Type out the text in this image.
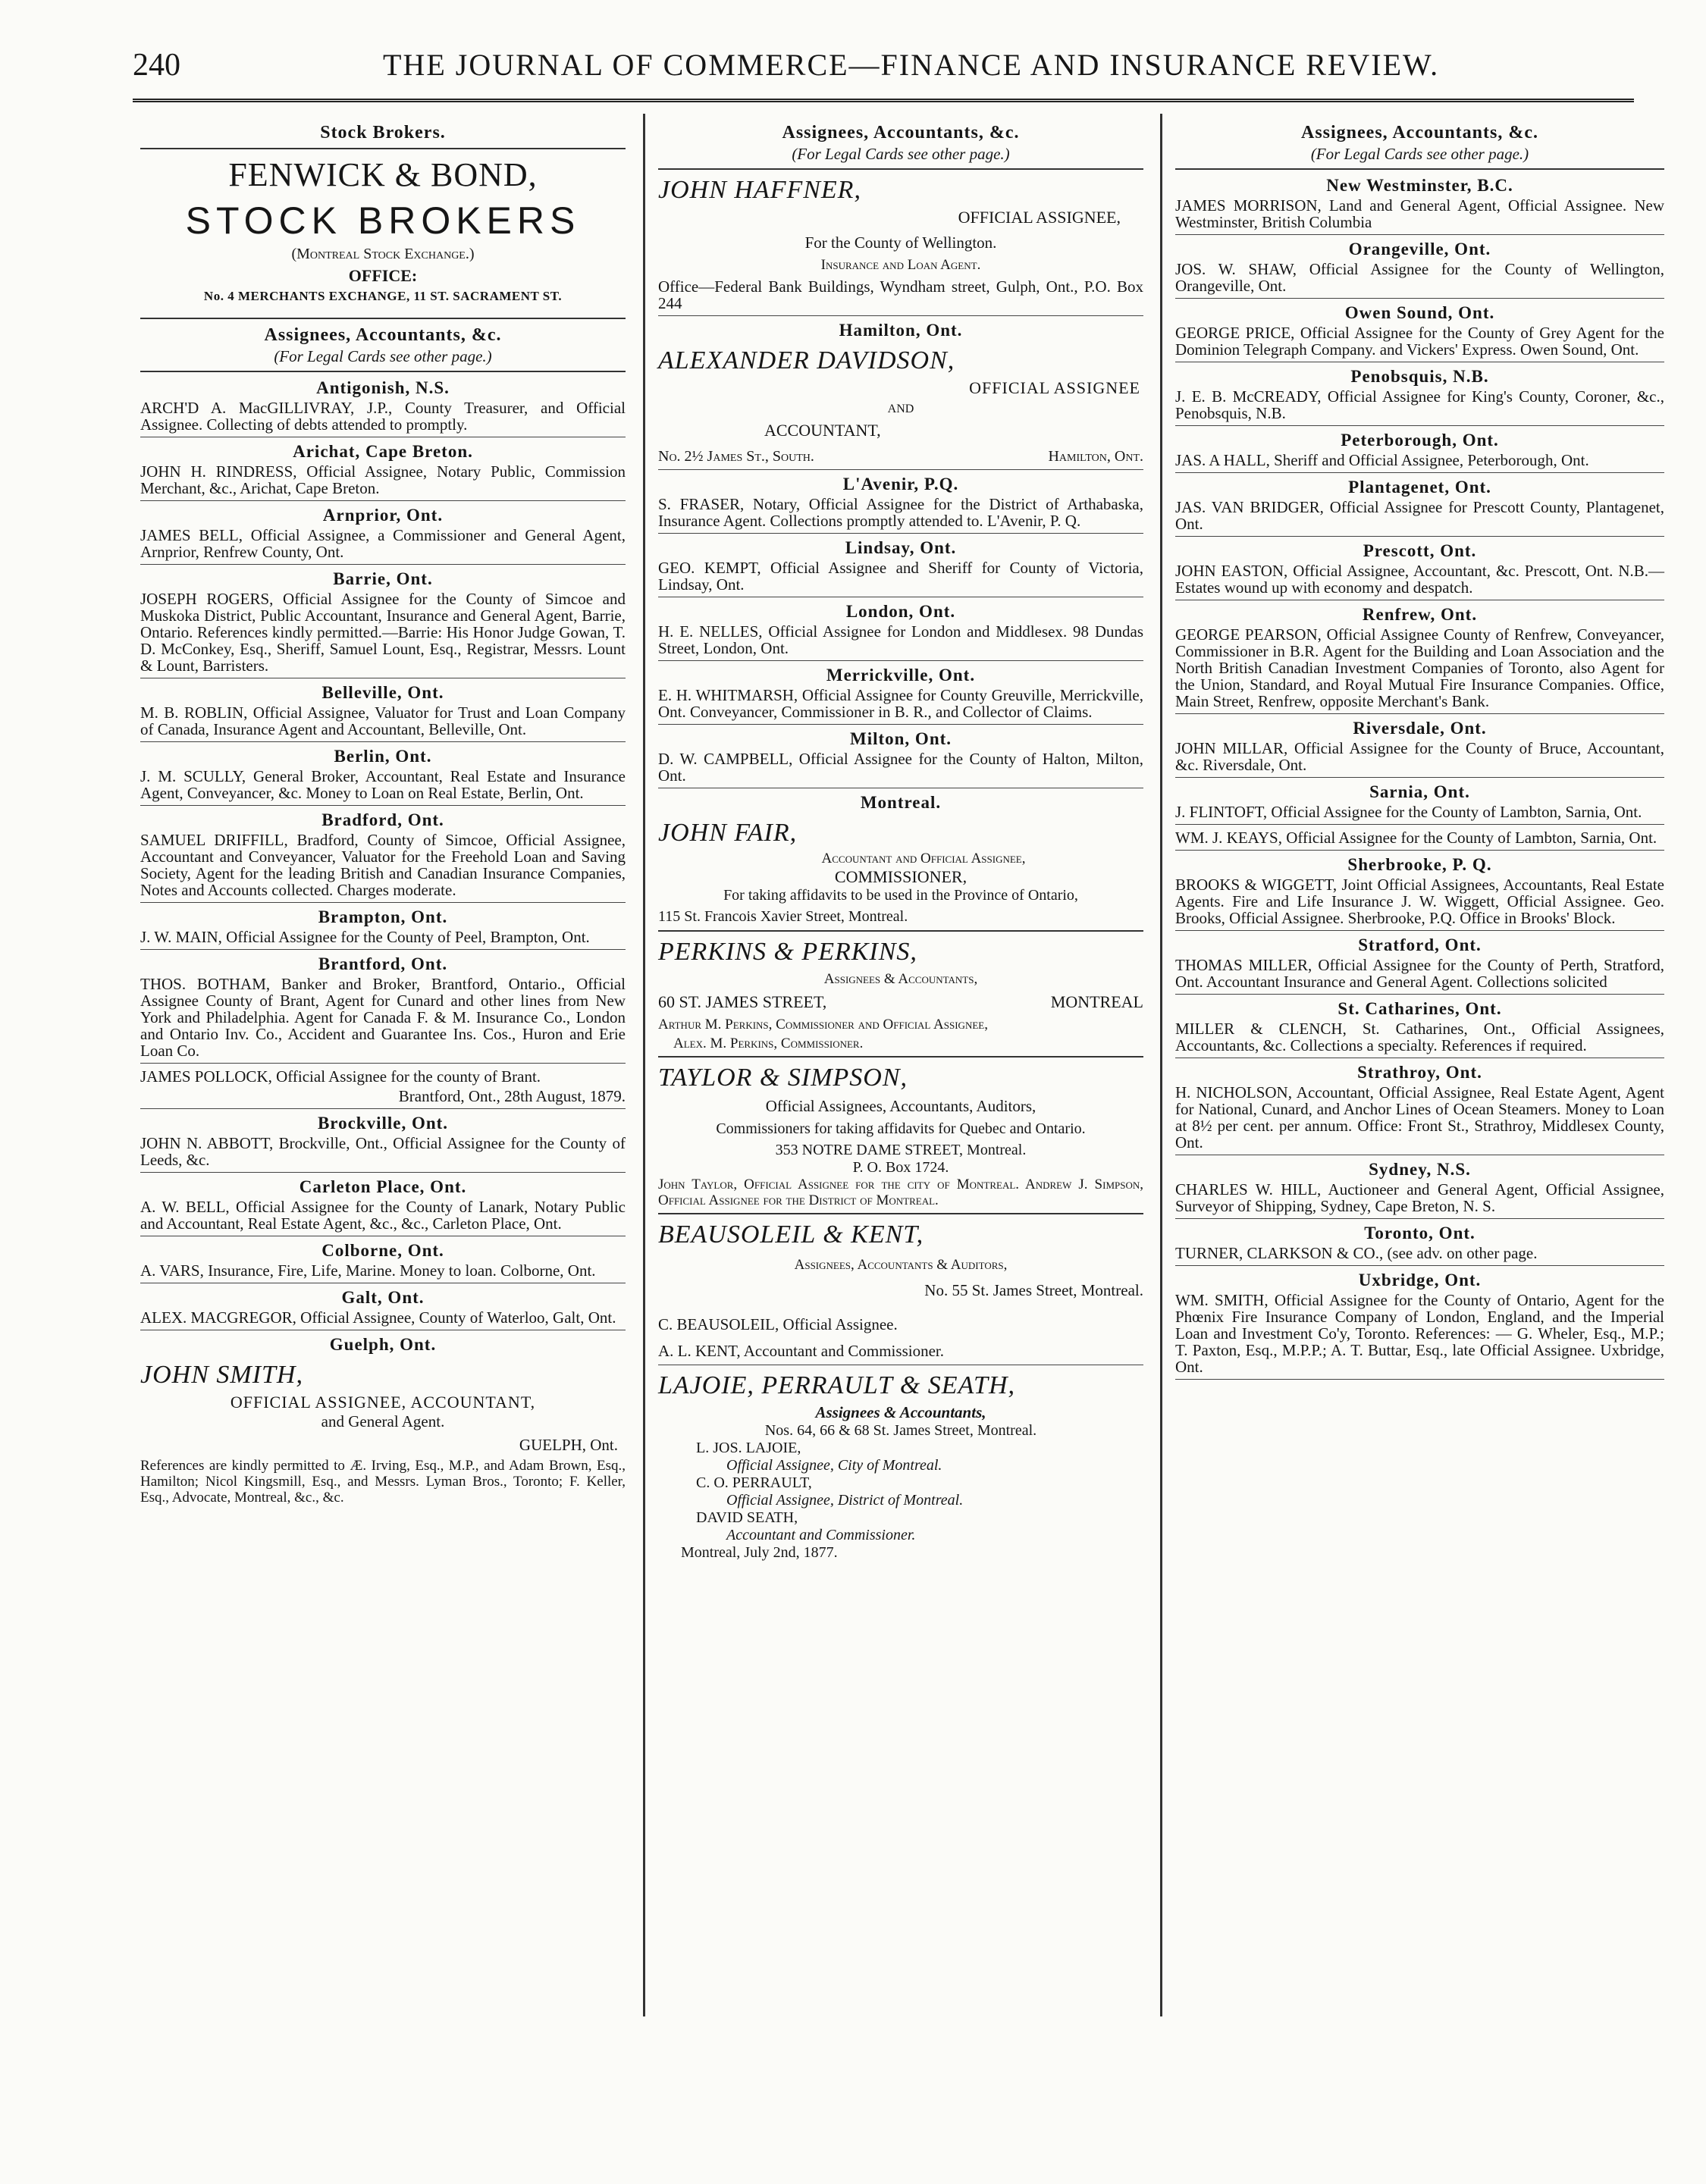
240	THE JOURNAL OF COMMERCE—FINANCE AND INSURANCE REVIEW.
Stock Brokers.
FENWICK & BOND,
STOCK BROKERS
(Montreal Stock Exchange.)
OFFICE:
No. 4 MERCHANTS EXCHANGE, 11 ST. SACRAMENT ST.
Assignees, Accountants, &c.
(For Legal Cards see other page.)
Antigonish, N.S.
ARCH'D A. MacGILLIVRAY, J.P., County Treasurer, and Official Assignee. Collecting of debts attended to promptly.
Arichat, Cape Breton.
JOHN H. RINDRESS, Official Assignee, Notary Public, Commission Merchant, &c., Arichat, Cape Breton.
Arnprior, Ont.
JAMES BELL, Official Assignee, a Commissioner and General Agent, Arnprior, Renfrew County, Ont.
Barrie, Ont.
JOSEPH ROGERS, Official Assignee for the County of Simcoe and Muskoka District, Public Accountant, Insurance and General Agent, Barrie, Ontario. References kindly permitted.—Barrie: His Honor Judge Gowan, T. D. McConkey, Esq., Sheriff, Samuel Lount, Esq., Registrar, Messrs. Lount & Lount, Barristers.
Belleville, Ont.
M. B. ROBLIN, Official Assignee, Valuator for Trust and Loan Company of Canada, Insurance Agent and Accountant, Belleville, Ont.
Berlin, Ont.
J. M. SCULLY, General Broker, Accountant, Real Estate and Insurance Agent, Conveyancer, &c. Money to Loan on Real Estate, Berlin, Ont.
Bradford, Ont.
SAMUEL DRIFFILL, Bradford, County of Simcoe, Official Assignee, Accountant and Conveyancer, Valuator for the Freehold Loan and Saving Society, Agent for the leading British and Canadian Insurance Companies, Notes and Accounts collected. Charges moderate.
Brampton, Ont.
J. W. MAIN, Official Assignee for the County of Peel, Brampton, Ont.
Brantford, Ont.
THOS. BOTHAM, Banker and Broker, Brantford, Ontario., Official Assignee County of Brant, Agent for Cunard and other lines from New York and Philadelphia. Agent for Canada F. & M. Insurance Co., London and Ontario Inv. Co., Accident and Guarantee Ins. Cos., Huron and Erie Loan Co.
JAMES POLLOCK, Official Assignee for the county of Brant.
Brantford, Ont., 28th August, 1879.
Brockville, Ont.
JOHN N. ABBOTT, Brockville, Ont., Official Assignee for the County of Leeds, &c.
Carleton Place, Ont.
A. W. BELL, Official Assignee for the County of Lanark, Notary Public and Accountant, Real Estate Agent, &c., &c., Carleton Place, Ont.
Colborne, Ont.
A. VARS, Insurance, Fire, Life, Marine. Money to loan. Colborne, Ont.
Galt, Ont.
ALEX. MACGREGOR, Official Assignee, County of Waterloo, Galt, Ont.
Guelph, Ont.
JOHN SMITH,
OFFICIAL ASSIGNEE, ACCOUNTANT,
and General Agent.
GUELPH, Ont.
References are kindly permitted to Æ. Irving, Esq., M.P., and Adam Brown, Esq., Hamilton; Nicol Kingsmill, Esq., and Messrs. Lyman Bros., Toronto; F. Keller, Esq., Advocate, Montreal, &c., &c.
Assignees, Accountants, &c.
(For Legal Cards see other page.)
JOHN HAFFNER,
OFFICIAL ASSIGNEE,
For the County of Wellington.
Insurance and Loan Agent.
Office—Federal Bank Buildings, Wyndham street, Gulph, Ont., P.O. Box 244
Hamilton, Ont.
ALEXANDER DAVIDSON,
OFFICIAL ASSIGNEE
AND
ACCOUNTANT,
No. 2½ James St., South.	Hamilton, Ont.
L'Avenir, P.Q.
S. FRASER, Notary, Official Assignee for the District of Arthabaska, Insurance Agent. Collections promptly attended to. L'Avenir, P. Q.
Lindsay, Ont.
GEO. KEMPT, Official Assignee and Sheriff for County of Victoria, Lindsay, Ont.
London, Ont.
H. E. NELLES, Official Assignee for London and Middlesex. 98 Dundas Street, London, Ont.
Merrickville, Ont.
E. H. WHITMARSH, Official Assignee for County Greuville, Merrickville, Ont. Conveyancer, Commissioner in B. R., and Collector of Claims.
Milton, Ont.
D. W. CAMPBELL, Official Assignee for the County of Halton, Milton, Ont.
Montreal.
JOHN FAIR,
Accountant and Official Assignee,
COMMISSIONER,
For taking affidavits to be used in the Province of Ontario,
115 St. Francois Xavier Street, Montreal.
PERKINS & PERKINS,
Assignees & Accountants,
60 ST. JAMES STREET,	MONTREAL
Arthur M. Perkins, Commissioner and Official Assignee,
Alex. M. Perkins, Commissioner.
TAYLOR & SIMPSON,
Official Assignees, Accountants, Auditors,
Commissioners for taking affidavits for Quebec and Ontario.
353 NOTRE DAME STREET, Montreal.
P. O. Box 1724.
John Taylor, Official Assignee for the city of Montreal. Andrew J. Simpson, Official Assignee for the District of Montreal.
BEAUSOLEIL & KENT,
Assignees, Accountants & Auditors,
No. 55 St. James Street, Montreal.
C. BEAUSOLEIL, Official Assignee.
A. L. KENT, Accountant and Commissioner.
LAJOIE, PERRAULT & SEATH,
Assignees & Accountants,
Nos. 64, 66 & 68 St. James Street, Montreal.
L. JOS. LAJOIE,
Official Assignee, City of Montreal.
C. O. PERRAULT,
Official Assignee, District of Montreal.
DAVID SEATH,
Accountant and Commissioner.
Montreal, July 2nd, 1877.
Assignees, Accountants, &c.
(For Legal Cards see other page.)
New Westminster, B.C.
JAMES MORRISON, Land and General Agent, Official Assignee. New Westminster, British Columbia
Orangeville, Ont.
JOS. W. SHAW, Official Assignee for the County of Wellington, Orangeville, Ont.
Owen Sound, Ont.
GEORGE PRICE, Official Assignee for the County of Grey Agent for the Dominion Telegraph Company. and Vickers' Express. Owen Sound, Ont.
Penobsquis, N.B.
J. E. B. McCREADY, Official Assignee for King's County, Coroner, &c., Penobsquis, N.B.
Peterborough, Ont.
JAS. A HALL, Sheriff and Official Assignee, Peterborough, Ont.
Plantagenet, Ont.
JAS. VAN BRIDGER, Official Assignee for Prescott County, Plantagenet, Ont.
Prescott, Ont.
JOHN EASTON, Official Assignee, Accountant, &c. Prescott, Ont. N.B.—Estates wound up with economy and despatch.
Renfrew, Ont.
GEORGE PEARSON, Official Assignee County of Renfrew, Conveyancer, Commissioner in B.R. Agent for the Building and Loan Association and the North British Canadian Investment Companies of Toronto, also Agent for the Union, Standard, and Royal Mutual Fire Insurance Companies. Office, Main Street, Renfrew, opposite Merchant's Bank.
Riversdale, Ont.
JOHN MILLAR, Official Assignee for the County of Bruce, Accountant, &c. Riversdale, Ont.
Sarnia, Ont.
J. FLINTOFT, Official Assignee for the County of Lambton, Sarnia, Ont.
WM. J. KEAYS, Official Assignee for the County of Lambton, Sarnia, Ont.
Sherbrooke, P. Q.
BROOKS & WIGGETT, Joint Official Assignees, Accountants, Real Estate Agents. Fire and Life Insurance J. W. Wiggett, Official Assignee. Geo. Brooks, Official Assignee. Sherbrooke, P.Q. Office in Brooks' Block.
Stratford, Ont.
THOMAS MILLER, Official Assignee for the County of Perth, Stratford, Ont. Accountant Insurance and General Agent. Collections solicited
St. Catharines, Ont.
MILLER & CLENCH, St. Catharines, Ont., Official Assignees, Accountants, &c. Collections a specialty. References if required.
Strathroy, Ont.
H. NICHOLSON, Accountant, Official Assignee, Real Estate Agent, Agent for National, Cunard, and Anchor Lines of Ocean Steamers. Money to Loan at 8½ per cent. per annum. Office: Front St., Strathroy, Middlesex County, Ont.
Sydney, N.S.
CHARLES W. HILL, Auctioneer and General Agent, Official Assignee, Surveyor of Shipping, Sydney, Cape Breton, N. S.
Toronto, Ont.
TURNER, CLARKSON & CO., (see adv. on other page.
Uxbridge, Ont.
WM. SMITH, Official Assignee for the County of Ontario, Agent for the Phœnix Fire Insurance Company of London, England, and the Imperial Loan and Investment Co'y, Toronto. References: — G. Wheler, Esq., M.P.; T. Paxton, Esq., M.P.P.; A. T. Buttar, Esq., late Official Assignee. Uxbridge, Ont.
